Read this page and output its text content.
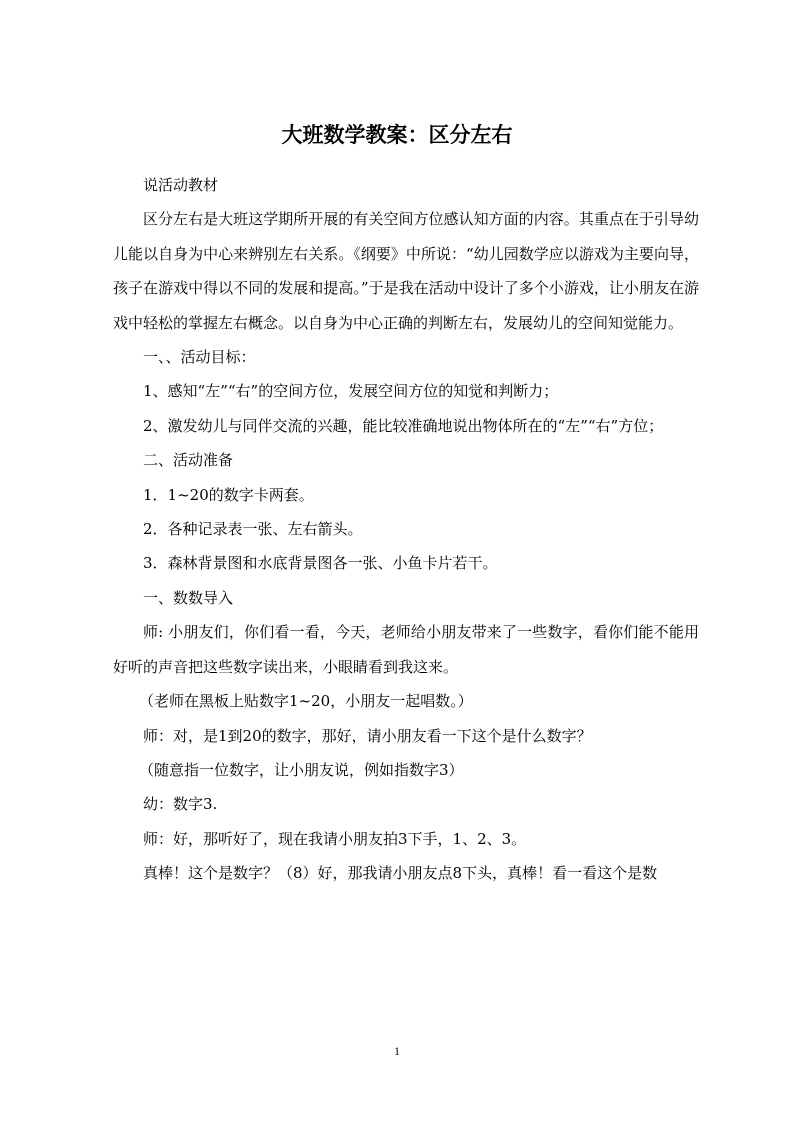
大班数学教案：区分左右

说活动教材

区分左右是大班这学期所开展的有关空间方位感认知方面的内容。其重点在于引导幼儿能以自身为中心来辨别左右关系。《纲要》中所说：“幼儿园数学应以游戏为主要向导，孩子在游戏中得以不同的发展和提高。”于是我在活动中设计了多个小游戏，让小朋友在游戏中轻松的掌握左右概念。以自身为中心正确的判断左右，发展幼儿的空间知觉能力。

一、、活动目标：

1、感知“左”“右”的空间方位，发展空间方位的知觉和判断力；

2、激发幼儿与同伴交流的兴趣，能比较准确地说出物体所在的“左”“右”方位；

二、活动准备

1．1~20的数字卡两套。

2．各种记录表一张、左右箭头。

3．森林背景图和水底背景图各一张、小鱼卡片若干。

一、数数导入

师: 小朋友们，你们看一看，今天，老师给小朋友带来了一些数字，看你们能不能用好听的声音把这些数字读出来，小眼睛看到我这来。

（老师在黑板上贴数字1~20，小朋友一起唱数。）

师：对，是1到20的数字，那好，请小朋友看一下这个是什么数字？

（随意指一位数字，让小朋友说，例如指数字3）

幼：数字3.

师：好，那听好了，现在我请小朋友拍3下手，1、2、3。

真棒！这个是数字？（8）好，那我请小朋友点8下头，真棒！看一看这个是数

1
